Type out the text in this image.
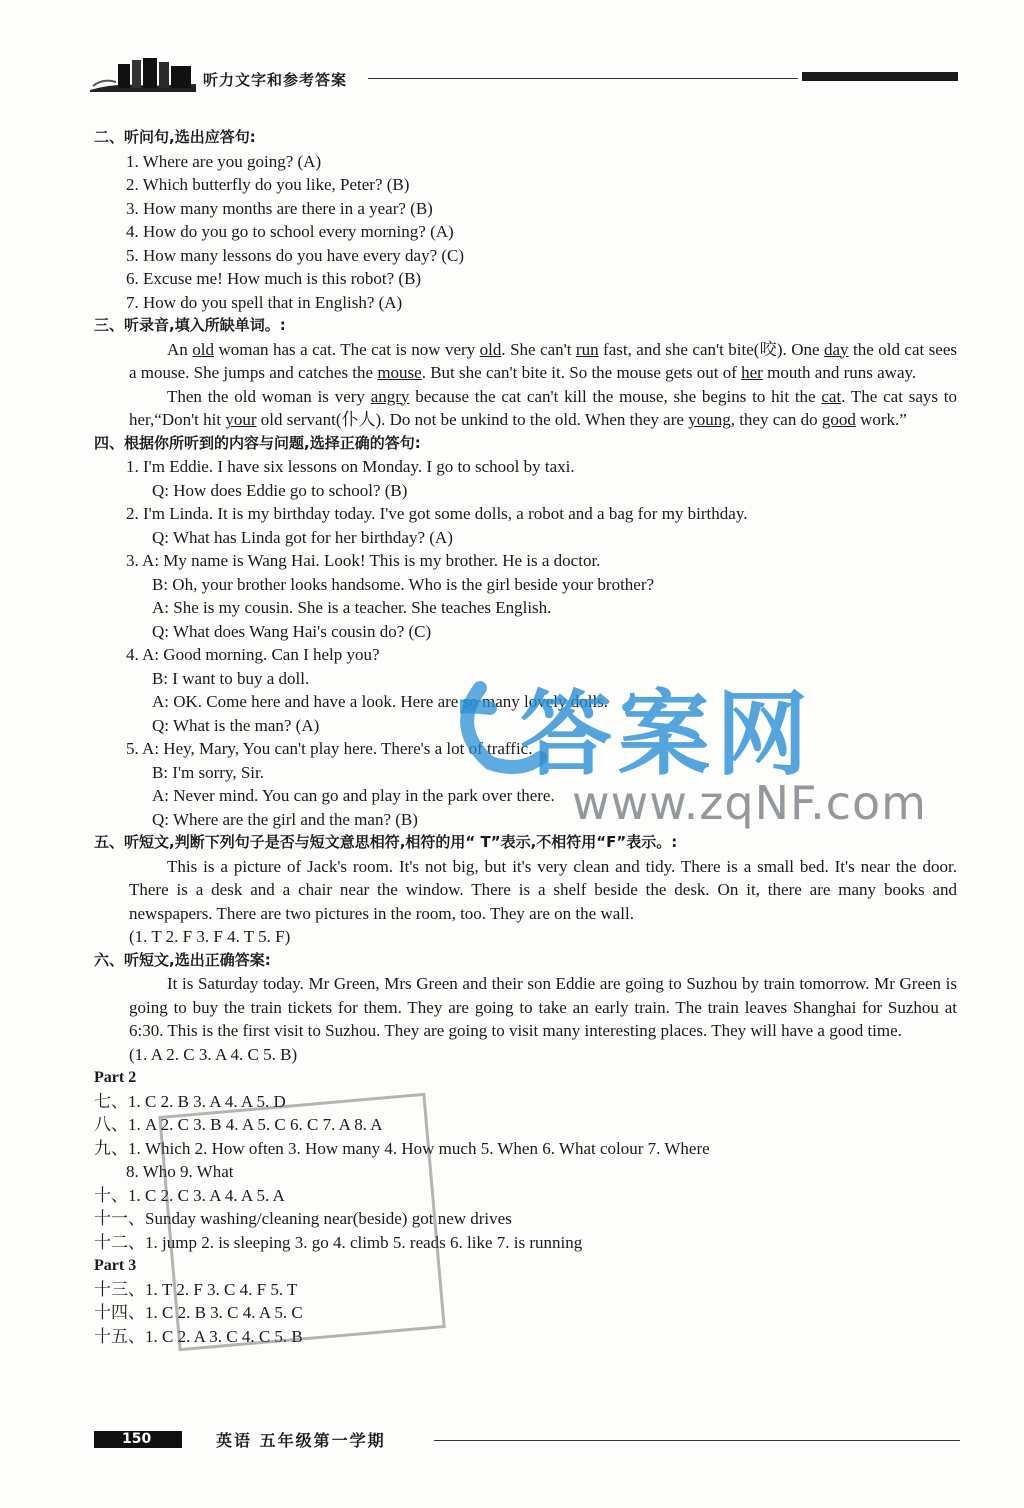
听力文字和参考答案
二、听问句,选出应答句:
1. Where are you going? (A)
2. Which butterfly do you like, Peter? (B)
3. How many months are there in a year? (B)
4. How do you go to school every morning? (A)
5. How many lessons do you have every day? (C)
6. Excuse me! How much is this robot? (B)
7. How do you spell that in English? (A)
三、听录音,填入所缺单词。:
An old woman has a cat. The cat is now very old. She can't run fast, and she can't bite(咬). One day the old cat sees a mouse. She jumps and catches the mouse. But she can't bite it. So the mouse gets out of her mouth and runs away.
Then the old woman is very angry because the cat can't kill the mouse, she begins to hit the cat. The cat says to her,“Don't hit your old servant(仆人). Do not be unkind to the old. When they are young, they can do good work.”
四、根据你所听到的内容与问题,选择正确的答句:
1. I'm Eddie. I have six lessons on Monday. I go to school by taxi.
Q: How does Eddie go to school? (B)
2. I'm Linda. It is my birthday today. I've got some dolls, a robot and a bag for my birthday.
Q: What has Linda got for her birthday? (A)
3. A: My name is Wang Hai. Look! This is my brother. He is a doctor.
B: Oh, your brother looks handsome. Who is the girl beside your brother?
A: She is my cousin. She is a teacher. She teaches English.
Q: What does Wang Hai's cousin do? (C)
4. A: Good morning. Can I help you?
B: I want to buy a doll.
A: OK. Come here and have a look. Here are so many lovely dolls.
Q: What is the man? (A)
5. A: Hey, Mary, You can't play here. There's a lot of traffic.
B: I'm sorry, Sir.
A: Never mind. You can go and play in the park over there.
Q: Where are the girl and the man? (B)
五、听短文,判断下列句子是否与短文意思相符,相符的用“ T”表示,不相符用“F”表示。:
This is a picture of Jack's room. It's not big, but it's very clean and tidy. There is a small bed. It's near the door. There is a desk and a chair near the window. There is a shelf beside the desk. On it, there are many books and newspapers. There are two pictures in the room, too. They are on the wall.
(1. T 2. F 3. F 4. T 5. F)
六、听短文,选出正确答案:
It is Saturday today. Mr Green, Mrs Green and their son Eddie are going to Suzhou by train tomorrow. Mr Green is going to buy the train tickets for them. They are going to take an early train. The train leaves Shanghai for Suzhou at 6:30. This is the first visit to Suzhou. They are going to visit many interesting places. They will have a good time.
(1. A 2. C 3. A 4. C 5. B)
Part 2
七、1. C 2. B 3. A 4. A 5. D
八、1. A 2. C 3. B 4. A 5. C 6. C 7. A 8. A
九、1. Which 2. How often 3. How many 4. How much 5. When 6. What colour 7. Where
8. Who 9. What
十、1. C 2. C 3. A 4. A 5. A
十一、Sunday washing/cleaning near(beside) got new drives
十二、1. jump 2. is sleeping 3. go 4. climb 5. reads 6. like 7. is running
Part 3
十三、1. T 2. F 3. C 4. F 5. T
十四、1. C 2. B 3. C 4. A 5. C
十五、1. C 2. A 3. C 4. C 5. B
答案网
www.zqNF.com
150	英语 五年级第一学期
